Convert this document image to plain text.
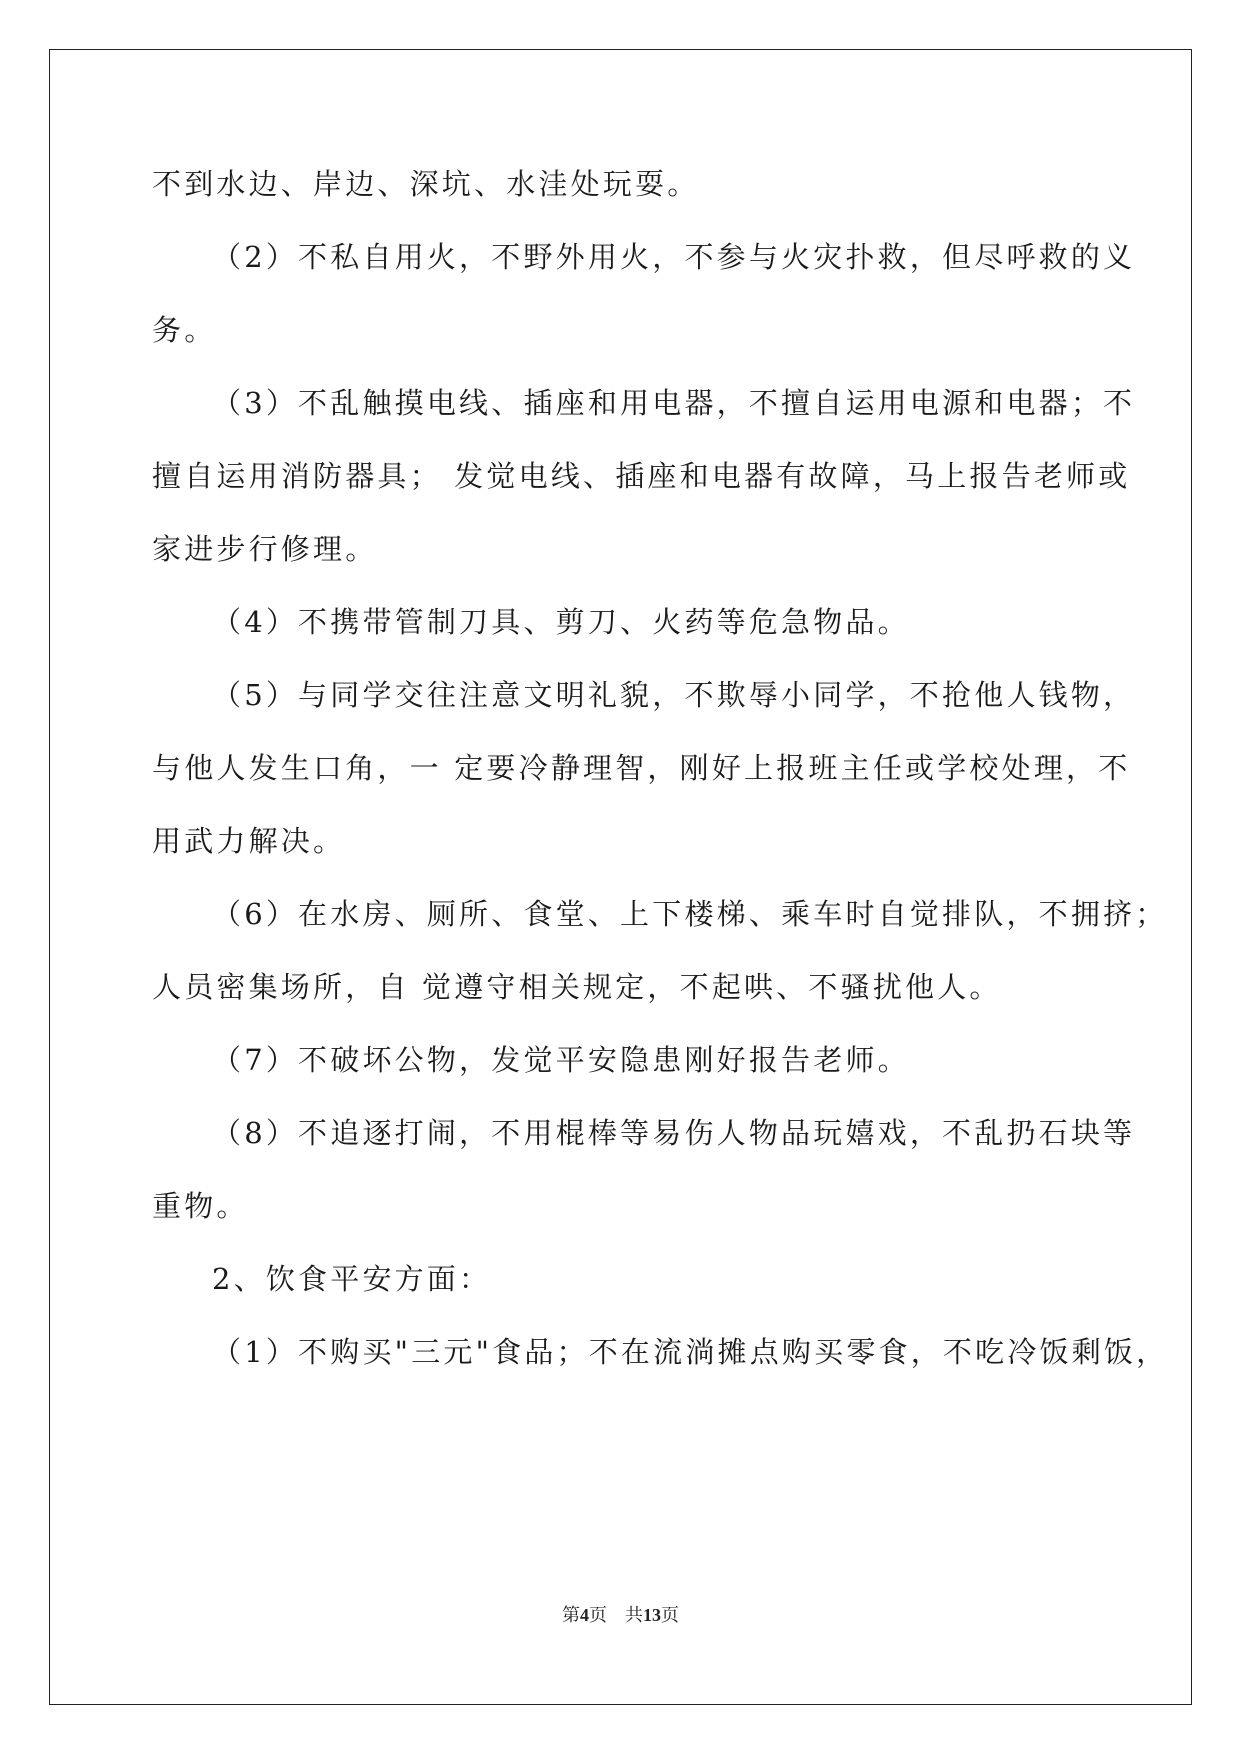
不到水边、岸边、深坑、水洼处玩耍。
（2）不私自用火，不野外用火，不参与火灾扑救，但尽呼救的义
务。
（3）不乱触摸电线、插座和用电器，不擅自运用电源和电器；不
擅自运用消防器具； 发觉电线、插座和电器有故障，马上报告老师或
家进步行修理。
（4）不携带管制刀具、剪刀、火药等危急物品。
（5）与同学交往注意文明礼貌，不欺辱小同学，不抢他人钱物，
与他人发生口角，一 定要冷静理智，刚好上报班主任或学校处理，不
用武力解决。
（6）在水房、厕所、食堂、上下楼梯、乘车时自觉排队，不拥挤；
人员密集场所，自 觉遵守相关规定，不起哄、不骚扰他人。
（7）不破坏公物，发觉平安隐患刚好报告老师。
（8）不追逐打闹，不用棍棒等易伤人物品玩嬉戏，不乱扔石块等
重物。
2、饮食平安方面：
（1）不购买"三元"食品；不在流淌摊点购买零食，不吃冷饭剩饭，
第4页　共13页
